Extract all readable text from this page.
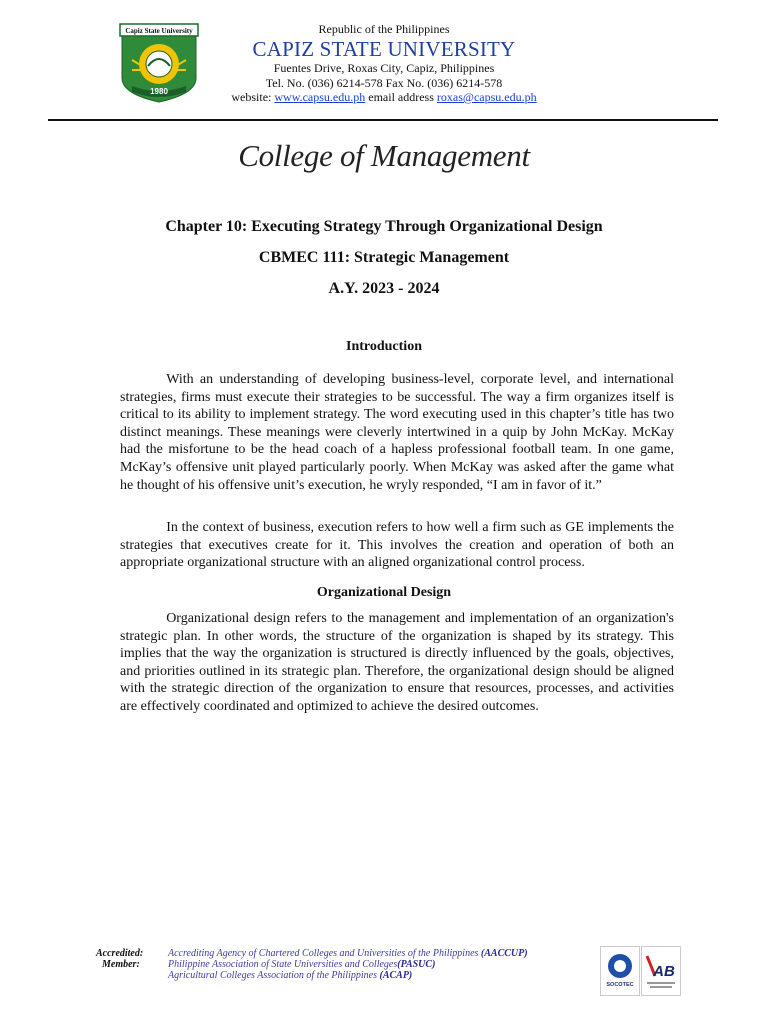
Capiz State University
1980
Republic of the Philippines
CAPIZ STATE UNIVERSITY
Fuentes Drive, Roxas City, Capiz, Philippines
Tel. No. (036) 6214-578 Fax No. (036) 6214-578
website: www.capsu.edu.ph email address roxas@capsu.edu.ph
College of Management
Chapter 10: Executing Strategy Through Organizational Design
CBMEC 111: Strategic Management
A.Y. 2023 - 2024
Introduction

With an understanding of developing business-level, corporate level, and international strategies, firms must execute their strategies to be successful. The way a firm organizes itself is critical to its ability to implement strategy. The word executing used in this chapter’s title has two distinct meanings. These meanings were cleverly intertwined in a quip by John McKay. McKay had the misfortune to be the head coach of a hapless professional football team. In one game, McKay’s offensive unit played particularly poorly. When McKay was asked after the game what he thought of his offensive unit’s execution, he wryly responded, “I am in favor of it.”

In the context of business, execution refers to how well a firm such as GE implements the strategies that executives create for it. This involves the creation and operation of both an appropriate organizational structure with an aligned organizational control process.

Organizational Design

Organizational design refers to the management and implementation of an organization's strategic plan. In other words, the structure of the organization is shaped by its strategy. This implies that the way the organization is structured is directly influenced by the goals, objectives, and priorities outlined in its strategic plan. Therefore, the organizational design should be aligned with the strategic direction of the organization to ensure that resources, processes, and activities are effectively coordinated and optimized to achieve the desired outcomes.

Accredited:
Member:
Accrediting Agency of Chartered Colleges and Universities of the Philippines (AACCUP)
Philippine Association of State Universities and Colleges(PASUC)
Agricultural Colleges Association of the Philippines (ACAP)
SOCOTEC
AB
